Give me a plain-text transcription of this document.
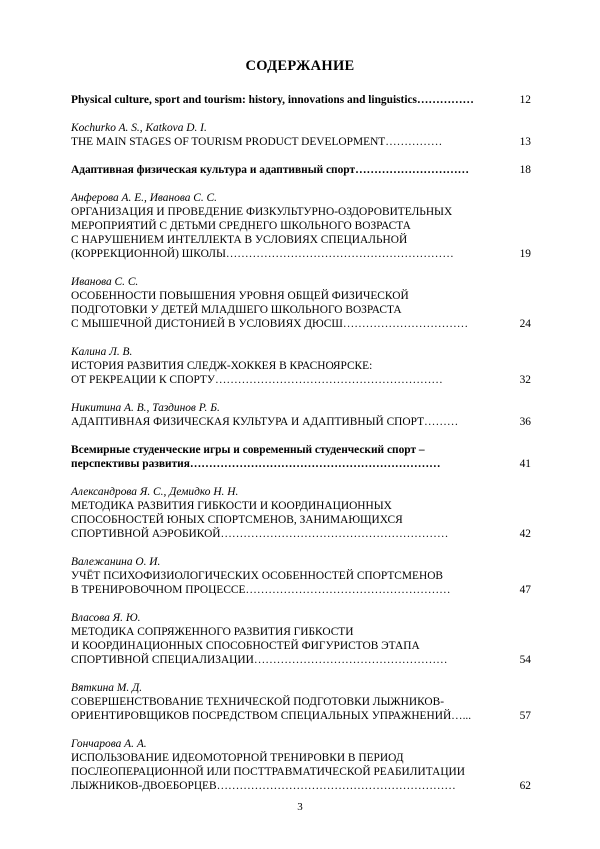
СОДЕРЖАНИЕ
Physical culture, sport and tourism: history, innovations and linguistics……………	12
Kochurko A. S., Katkova D. I.
THE MAIN STAGES OF TOURISM PRODUCT DEVELOPMENT……………	13
Адаптивная физическая культура и адаптивный спорт…………………………	18
Анферова А. Е., Иванова С. С.
ОРГАНИЗАЦИЯ И ПРОВЕДЕНИЕ ФИЗКУЛЬТУРНО-ОЗДОРОВИТЕЛЬНЫХ
МЕРОПРИЯТИЙ С ДЕТЬМИ СРЕДНЕГО ШКОЛЬНОГО ВОЗРАСТА
С НАРУШЕНИЕМ ИНТЕЛЛЕКТА В УСЛОВИЯХ СПЕЦИАЛЬНОЙ
(КОРРЕКЦИОННОЙ) ШКОЛЫ……………………………………………………	19
Иванова С. С.
ОСОБЕННОСТИ ПОВЫШЕНИЯ УРОВНЯ ОБЩЕЙ ФИЗИЧЕСКОЙ
ПОДГОТОВКИ У ДЕТЕЙ МЛАДШЕГО ШКОЛЬНОГО ВОЗРАСТА
С МЫШЕЧНОЙ ДИСТОНИЕЙ В УСЛОВИЯХ ДЮСШ……………………………	24
Калина Л. В.
ИСТОРИЯ РАЗВИТИЯ СЛЕДЖ-ХОККЕЯ В КРАСНОЯРСКЕ:
ОТ РЕКРЕАЦИИ К СПОРТУ……………………………………………………	32
Никитина А. В., Таздинов Р. Б.
АДАПТИВНАЯ ФИЗИЧЕСКАЯ КУЛЬТУРА И АДАПТИВНЫЙ СПОРТ………	36
Всемирные студенческие игры и современный студенческий спорт –
перспективы развития…………………………………………………………	41
Александрова Я. С., Демидко Н. Н.
МЕТОДИКА РАЗВИТИЯ ГИБКОСТИ И КООРДИНАЦИОННЫХ
СПОСОБНОСТЕЙ ЮНЫХ СПОРТСМЕНОВ, ЗАНИМАЮЩИХСЯ
СПОРТИВНОЙ АЭРОБИКОЙ……………………………………………………	42
Валежанина О. И.
УЧЁТ ПСИХОФИЗИОЛОГИЧЕСКИХ ОСОБЕННОСТЕЙ СПОРТСМЕНОВ
В ТРЕНИРОВОЧНОМ ПРОЦЕССЕ………………………………………………	47
Власова Я. Ю.
МЕТОДИКА СОПРЯЖЕННОГО РАЗВИТИЯ ГИБКОСТИ
И КООРДИНАЦИОННЫХ СПОСОБНОСТЕЙ ФИГУРИСТОВ ЭТАПА
СПОРТИВНОЙ СПЕЦИАЛИЗАЦИИ……………………………………………	54
Вяткина М. Д.
СОВЕРШЕНСТВОВАНИЕ ТЕХНИЧЕСКОЙ ПОДГОТОВКИ ЛЫЖНИКОВ-
ОРИЕНТИРОВЩИКОВ ПОСРЕДСТВОМ СПЕЦИАЛЬНЫХ УПРАЖНЕНИЙ…...	57
Гончарова А. А.
ИСПОЛЬЗОВАНИЕ ИДЕОМОТОРНОЙ ТРЕНИРОВКИ В ПЕРИОД
ПОСЛЕОПЕРАЦИОННОЙ ИЛИ ПОСТТРАВМАТИЧЕСКОЙ РЕАБИЛИТАЦИИ
ЛЫЖНИКОВ-ДВОЕБОРЦЕВ………………………………………………………	62
3
